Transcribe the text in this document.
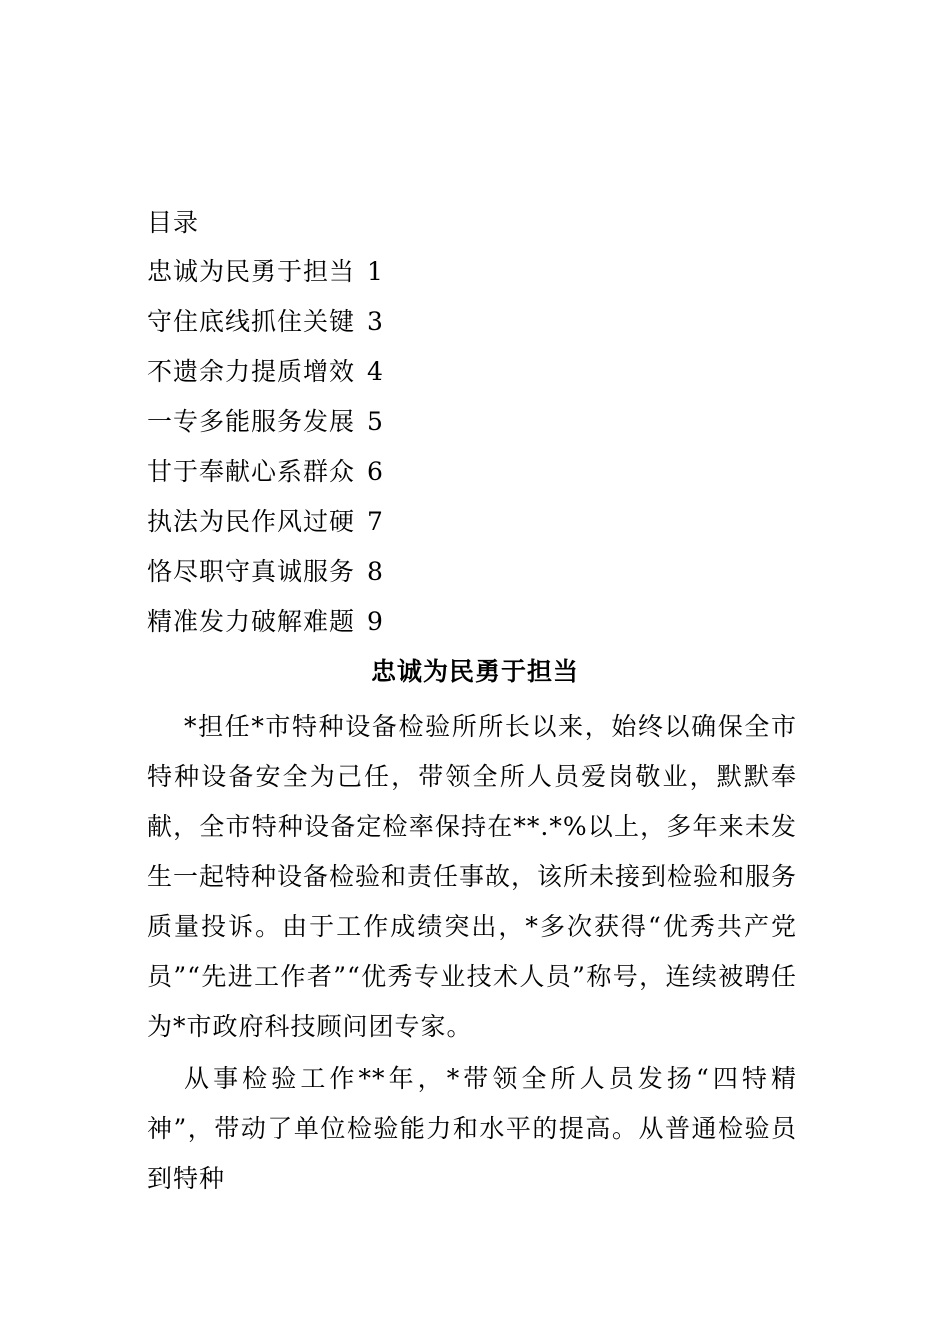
目录
忠诚为民勇于担当 1
守住底线抓住关键 3
不遗余力提质增效 4
一专多能服务发展 5
甘于奉献心系群众 6
执法为民作风过硬 7
恪尽职守真诚服务 8
精准发力破解难题 9
忠诚为民勇于担当

*担任*市特种设备检验所所长以来，始终以确保全市特种设备安全为己任，带领全所人员爱岗敬业，默默奉献，全市特种设备定检率保持在**.*%以上，多年来未发生一起特种设备检验和责任事故，该所未接到检验和服务质量投诉。由于工作成绩突出，*多次获得“优秀共产党员”“先进工作者”“优秀专业技术人员”称号，连续被聘任为*市政府科技顾问团专家。

从事检验工作**年，*带领全所人员发扬“四特精神”，带动了单位检验能力和水平的提高。从普通检验员到特种
